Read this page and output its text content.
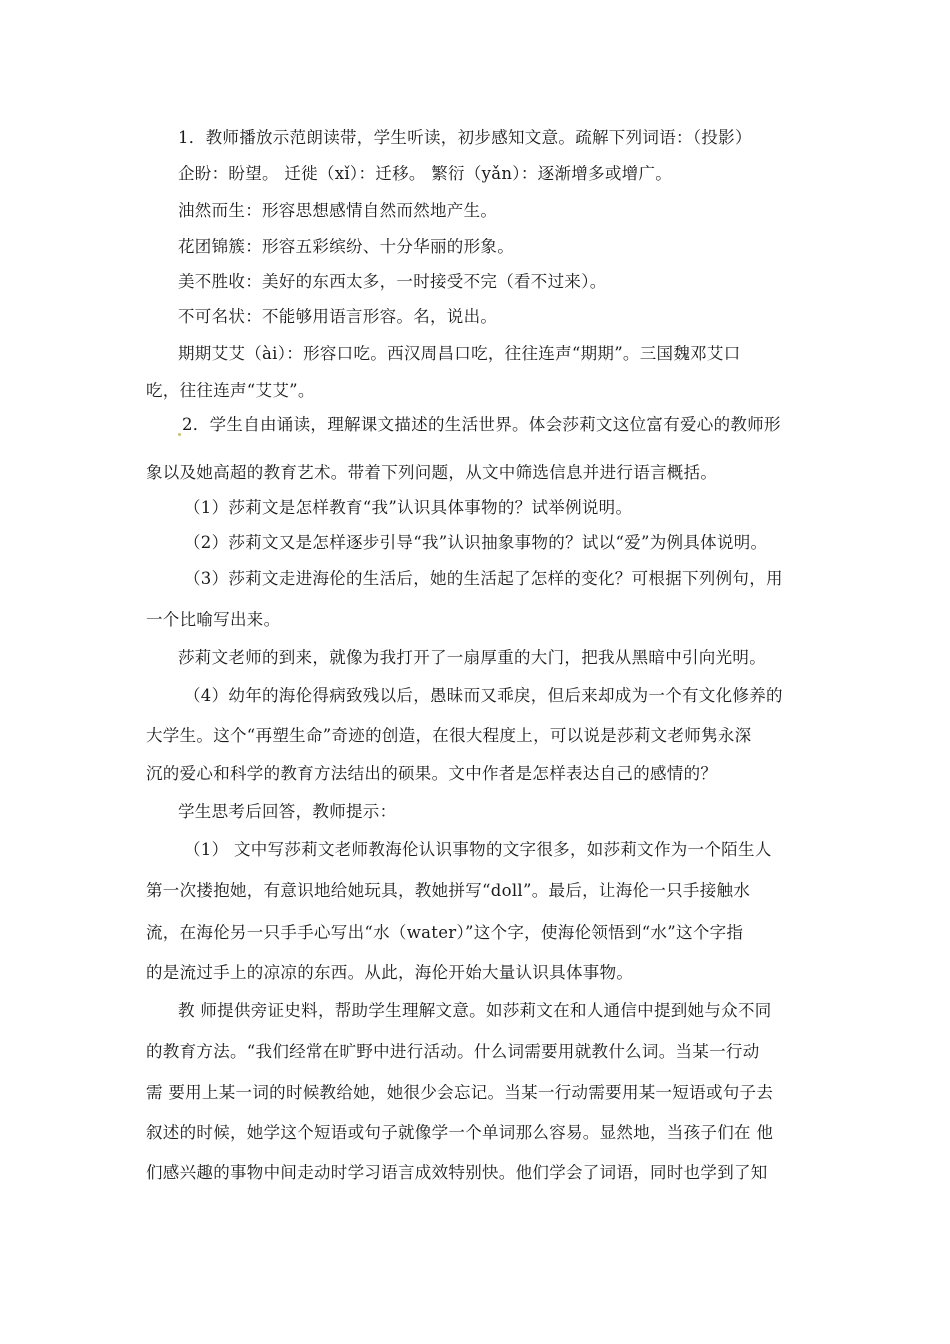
1．教师播放示范朗读带，学生听读，初步感知文意。疏解下列词语：（投影）
企盼：盼望。 迁徙（xǐ）：迁移。 繁衍（yǎn）：逐渐增多或增广。
油然而生：形容思想感情自然而然地产生。
花团锦簇：形容五彩缤纷、十分华丽的形象。
美不胜收：美好的东西太多，一时接受不完（看不过来）。
不可名状：不能够用语言形容。名，说出。
期期艾艾（ài）：形容口吃。西汉周昌口吃，往往连声“期期”。三国魏邓艾口
吃，往往连声“艾艾”。
2．学生自由诵读，理解课文描述的生活世界。体会莎莉文这位富有爱心的教师形
象以及她高超的教育艺术。带着下列问题，从文中筛选信息并进行语言概括。
（1）莎莉文是怎样教育“我”认识具体事物的？试举例说明。
（2）莎莉文又是怎样逐步引导“我”认识抽象事物的？试以“爱”为例具体说明。
（3）莎莉文走进海伦的生活后，她的生活起了怎样的变化？可根据下列例句，用
一个比喻写出来。
莎莉文老师的到来，就像为我打开了一扇厚重的大门，把我从黑暗中引向光明。
（4）幼年的海伦得病致残以后，愚昧而又乖戾，但后来却成为一个有文化修养的
大学生。这个“再塑生命”奇迹的创造，在很大程度上，可以说是莎莉文老师隽永深
沉的爱心和科学的教育方法结出的硕果。文中作者是怎样表达自己的感情的？
学生思考后回答，教师提示：
（1） 文中写莎莉文老师教海伦认识事物的文字很多，如莎莉文作为一个陌生人
第一次搂抱她，有意识地给她玩具，教她拼写“doll”。最后，让海伦一只手接触水
流，在海伦另一只手手心写出“水（water）”这个字，使海伦领悟到“水”这个字指
的是流过手上的凉凉的东西。从此，海伦开始大量认识具体事物。
教 师提供旁证史料，帮助学生理解文意。如莎莉文在和人通信中提到她与众不同
的教育方法。“我们经常在旷野中进行活动。什么词需要用就教什么词。当某一行动
需 要用上某一词的时候教给她，她很少会忘记。当某一行动需要用某一短语或句子去
叙述的时候，她学这个短语或句子就像学一个单词那么容易。显然地，当孩子们在 他
们感兴趣的事物中间走动时学习语言成效特别快。他们学会了词语，同时也学到了知
